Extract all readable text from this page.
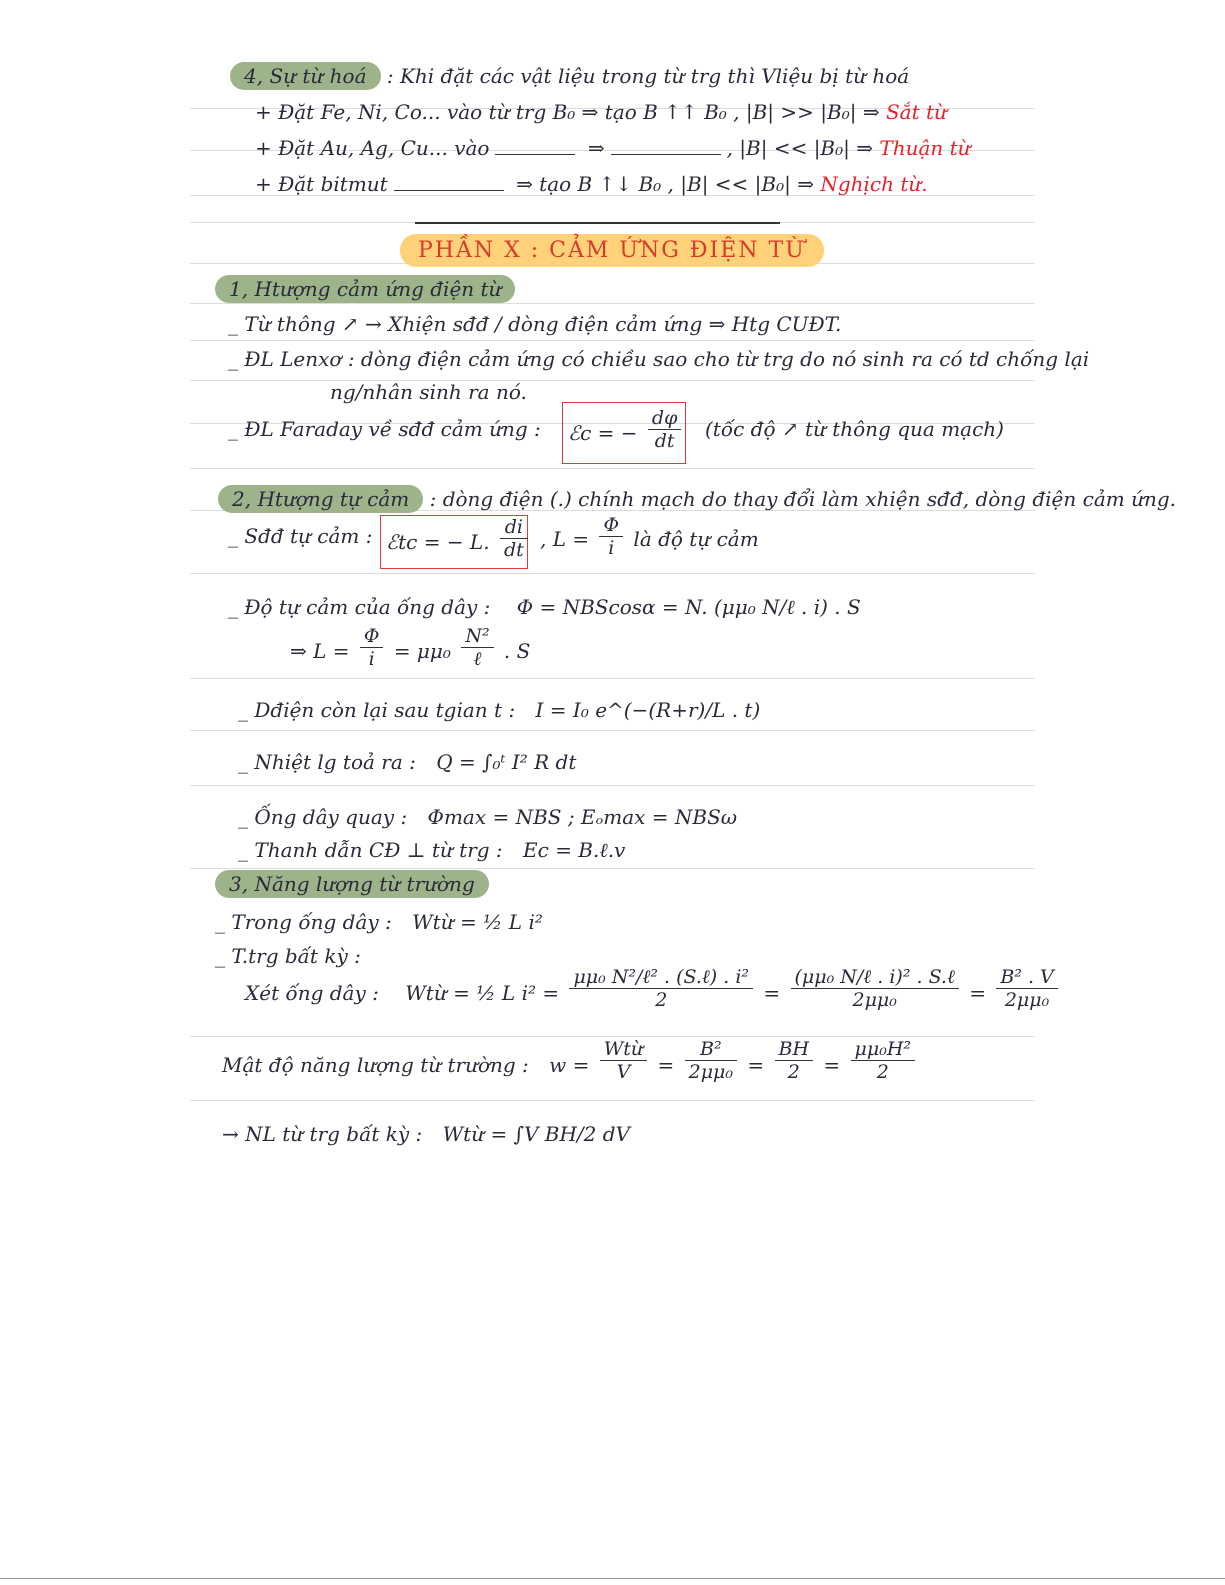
4, Sự từ hoá : Khi đặt các vật liệu trong từ trg thì Vliệu bị từ hoá
+ Đặt Fe, Ni, Co... vào từ trg B₀ ⇒ tạo B ↑↑ B₀ , |B| >> |B₀| ⇒ Sắt từ
+ Đặt Au, Ag, Cu... vào	⇒	, |B| << |B₀| ⇒ Thuận từ
+ Đặt bitmut	⇒ tạo B ↑↓ B₀ , |B| << |B₀| ⇒ Nghịch từ.
PHẦN X : CẢM ỨNG ĐIỆN TỪ
1, Htượng cảm ứng điện từ
_ Từ thông ↗ → Xhiện sđđ / dòng điện cảm ứng ⇒ Htg CUĐT.
_ ĐL Lenxơ : dòng điện cảm ứng có chiều sao cho từ trg do nó sinh ra có td chống lại
ng/nhân sinh ra nó.
_ ĐL Faraday về sđđ cảm ứng : ℰc = − $\frac{d\varphi}{dt}$ (tốc độ ↗ từ thông qua mạch)
2, Htượng tự cảm : dòng điện (.) chính mạch do thay đổi làm xhiện sđđ, dòng điện cảm ứng.
_ Sđđ tự cảm : ℰtc = − L. $\frac{di}{dt}$ , $L = \frac{\Phi}{i}$ là độ tự cảm
_ Độ tự cảm của ống dây : Φ = NBScosα = N. (μμ₀ N/ℓ . i) . S
⇒ $L = \frac{\Phi}{i} = \mu\mu_0 \frac{\text{N²}}{\text{ℓ}}$ . S
_ Dđiện còn lại sau tgian t : I = I₀ e^(−(R+r)/L . t)
_ Nhiệt lg toả ra : Q = ∫₀ᵗ I² R dt
_ Ống dây quay : Φmax = NBS ; Eₒmax = NBSω
_ Thanh dẫn CĐ ⊥ từ trg : Ec = B.ℓ.v
3, Năng lượng từ trường
_ Trong ống dây : Wtừ = ½ L i²
_ T.trg bất kỳ :
Xét ống dây : Wtừ = ½ L $i^2 = \frac{\text{μμ₀ N²/ℓ² . (S.ℓ) . i²}}{2} = \frac{\text{(μμ₀ N/ℓ . i)² . S.ℓ}}{\text{2μμ₀}} = \frac{\text{B² . V}}{\text{2μμ₀}}$
Mật độ năng lượng từ trường : $w = \frac{\text{Wtừ}}{V} = \frac{\text{B²}}{\text{2μμ₀}} = \frac{BH}{2} = \frac{\text{μμ₀H²}}{2}$
→ NL từ trg bất kỳ : Wtừ = ∫V BH/2 dV
